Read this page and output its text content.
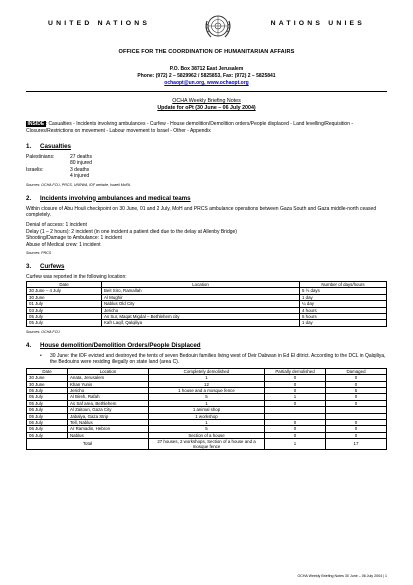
UNITED NATIONS	NATIONS UNIES
OFFICE FOR THE COORDINATION OF HUMANITARIAN AFFAIRS
P.O. Box 38712 East Jerusalem
Phone: (972) 2 – 5829962 / 5825853, Fax: (972) 2 – 5825841
ochaopt@un.org, www.ochaopt.org
OCHA Weekly Briefing Notes
Update for oPt (30 June – 06 July 2004)
INSIDE : Casualties - Incidents involving ambulances - Curfew - House demolition/Demolition orders/People displaced - Land levelling/Requisition - Closures/Restrictions on movement - Labour movement to Israel - Other - Appendix
1. Casualties
Palestinians:	27 deaths
80 injured
Israelis:	3 deaths
4 injured
Sources: OCHA FCU, PRCS, UNRWA, IDF website, Israeli MoFA.
2. Incidents involving ambulances and medical teams
Within closure of Abu Houli checkpoint on 30 June, 01 and 2 July, MoH and PRCS ambulance operations between Gaza South and Gaza middle-north ceased completely.
Denial of access: 1 incident
Delay (1 – 2 hours): 2 incident (in one incident a patient died due to the delay at Allenby Bridge)
Shooting/Damage to Ambulance: 1 incident
Abuse of Medical crew: 1 incident
Sources: PRCS
3. Curfews
Curfew was reported in the following location:
Date	Location	Number of days/hours
30 June – 4 July	Beit Siro, Ramallah	5 ½ days
30 June	Al Mughir	1 day
01 July	Nablus Old City	¼ day
03 July	Jericho	4 hours
05 July	As Sur, Maqat Migdal – Bethlehem city	5 hours
05 July	Kafr Laqif, Qalqiliya	1 day
Sources: OCHA FCU
4. House demolition/Demolition Orders/People Displaced
•	30 June: the IDF evicted and destroyed the tents of seven Bedouin families living west of Deir Dabwan in Ed El ditrict. According to the DCL in Qalqiliya, the Bedouins were residing illegally on state land (area C).
Date	Location	Completely demolished	Partially demolished	Damaged
30 June	Anata, Jerusalem	1	0	0
30 June	Khan Yunis	12	0	0
05 July	Jericho	1 house and a mosque fence	0	5
05 July	Al Bireh, Rafah	5	1	0
05 July	As Saf area, Bethlehem	1	0	0
06 July	Al Zaitoun, Gaza City	1 animal shop		
05 July	Jabalya, Gaza Strip	1 workshop		
06 July	Tell, Nablus	1	0	0
06 July	Ar Ramadin, Hebron	5	0	0
06 July	Nablus	Section of a house	0	0
Total		27 houses, 2 workshops, Section of a house and a mosque fence	1	17
OCHA Weekly Briefing Notes 30 June – 06 July 2004 | 1
